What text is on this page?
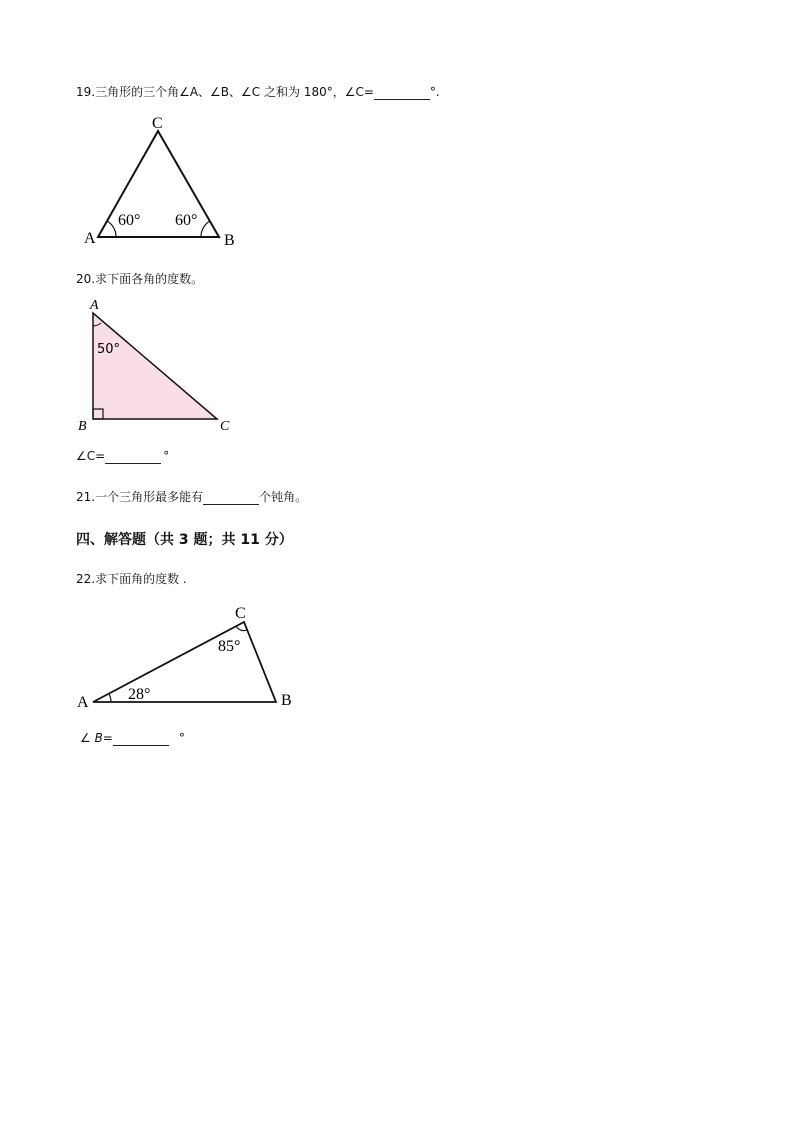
19.三角形的三个角∠A、∠B、∠C 之和为 180°，∠C=	°.
C
A	B
60° 60°
20.求下面各角的度数。
A
B	C
50°
∠C=	°
21.一个三角形最多能有	个钝角。
四、解答题（共 3 题；共 11 分）
22.求下面角的度数 .
C
A	B
85°
28°
∠ B=	°
